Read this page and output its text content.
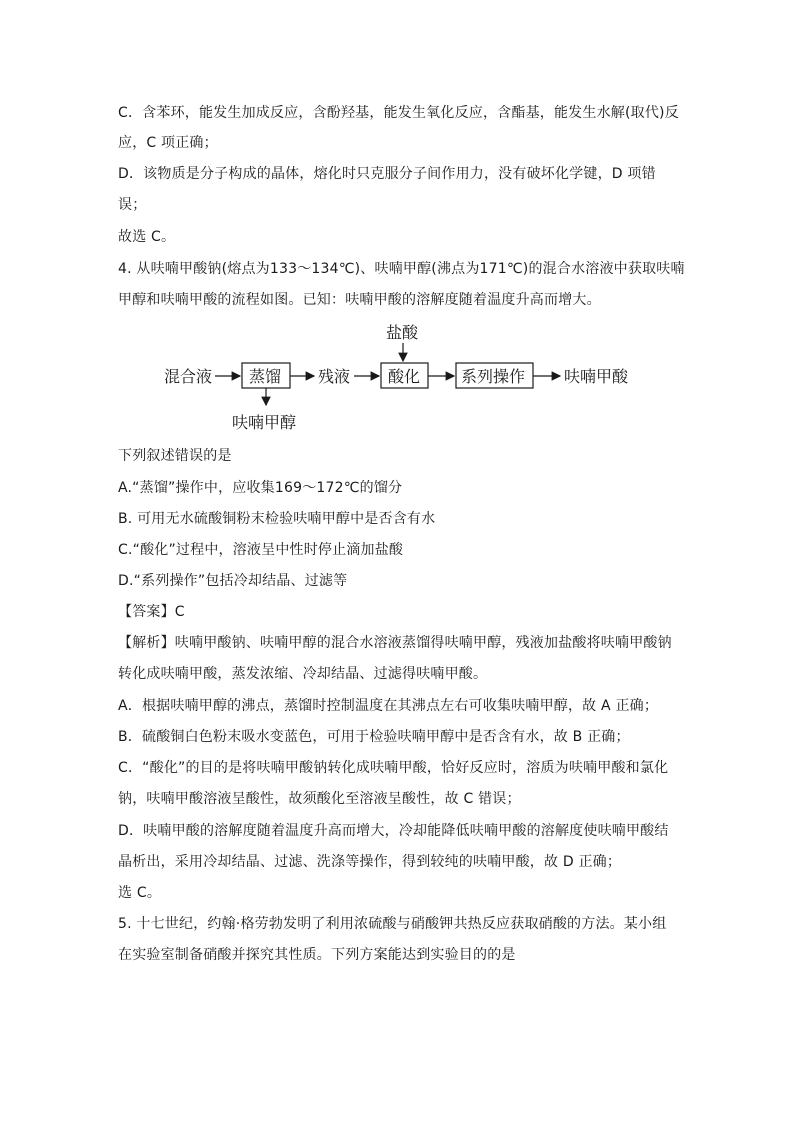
C．含苯环，能发生加成反应，含酚羟基，能发生氧化反应，含酯基，能发生水解(取代)反
应，C 项正确；
D．该物质是分子构成的晶体，熔化时只克服分子间作用力，没有破坏化学键，D 项错
误；
故选 C。
4. 从呋喃甲酸钠(熔点为133～134℃)、呋喃甲醇(沸点为171℃)的混合水溶液中获取呋喃
甲醇和呋喃甲酸的流程如图。已知：呋喃甲酸的溶解度随着温度升高而增大。
混合液 蒸馏
呋喃甲醇
残液
盐酸
酸化	系列操作 呋喃甲酸
下列叙述错误的是
A.“蒸馏”操作中，应收集169～172℃的馏分
B. 可用无水硫酸铜粉末检验呋喃甲醇中是否含有水
C.“酸化”过程中，溶液呈中性时停止滴加盐酸
D.“系列操作”包括冷却结晶、过滤等
【答案】C
【解析】呋喃甲酸钠、呋喃甲醇的混合水溶液蒸馏得呋喃甲醇，残液加盐酸将呋喃甲酸钠
转化成呋喃甲酸，蒸发浓缩、冷却结晶、过滤得呋喃甲酸。
A．根据呋喃甲醇的沸点，蒸馏时控制温度在其沸点左右可收集呋喃甲醇，故 A 正确；
B．硫酸铜白色粉末吸水变蓝色，可用于检验呋喃甲醇中是否含有水，故 B 正确；
C．“酸化”的目的是将呋喃甲酸钠转化成呋喃甲酸，恰好反应时，溶质为呋喃甲酸和氯化
钠，呋喃甲酸溶液呈酸性，故须酸化至溶液呈酸性，故 C 错误；
D．呋喃甲酸的溶解度随着温度升高而增大，冷却能降低呋喃甲酸的溶解度使呋喃甲酸结
晶析出，采用冷却结晶、过滤、洗涤等操作，得到较纯的呋喃甲酸，故 D 正确；
选 C。
5. 十七世纪，约翰·格劳勃发明了利用浓硫酸与硝酸钾共热反应获取硝酸的方法。某小组
在实验室制备硝酸并探究其性质。下列方案能达到实验目的的是
